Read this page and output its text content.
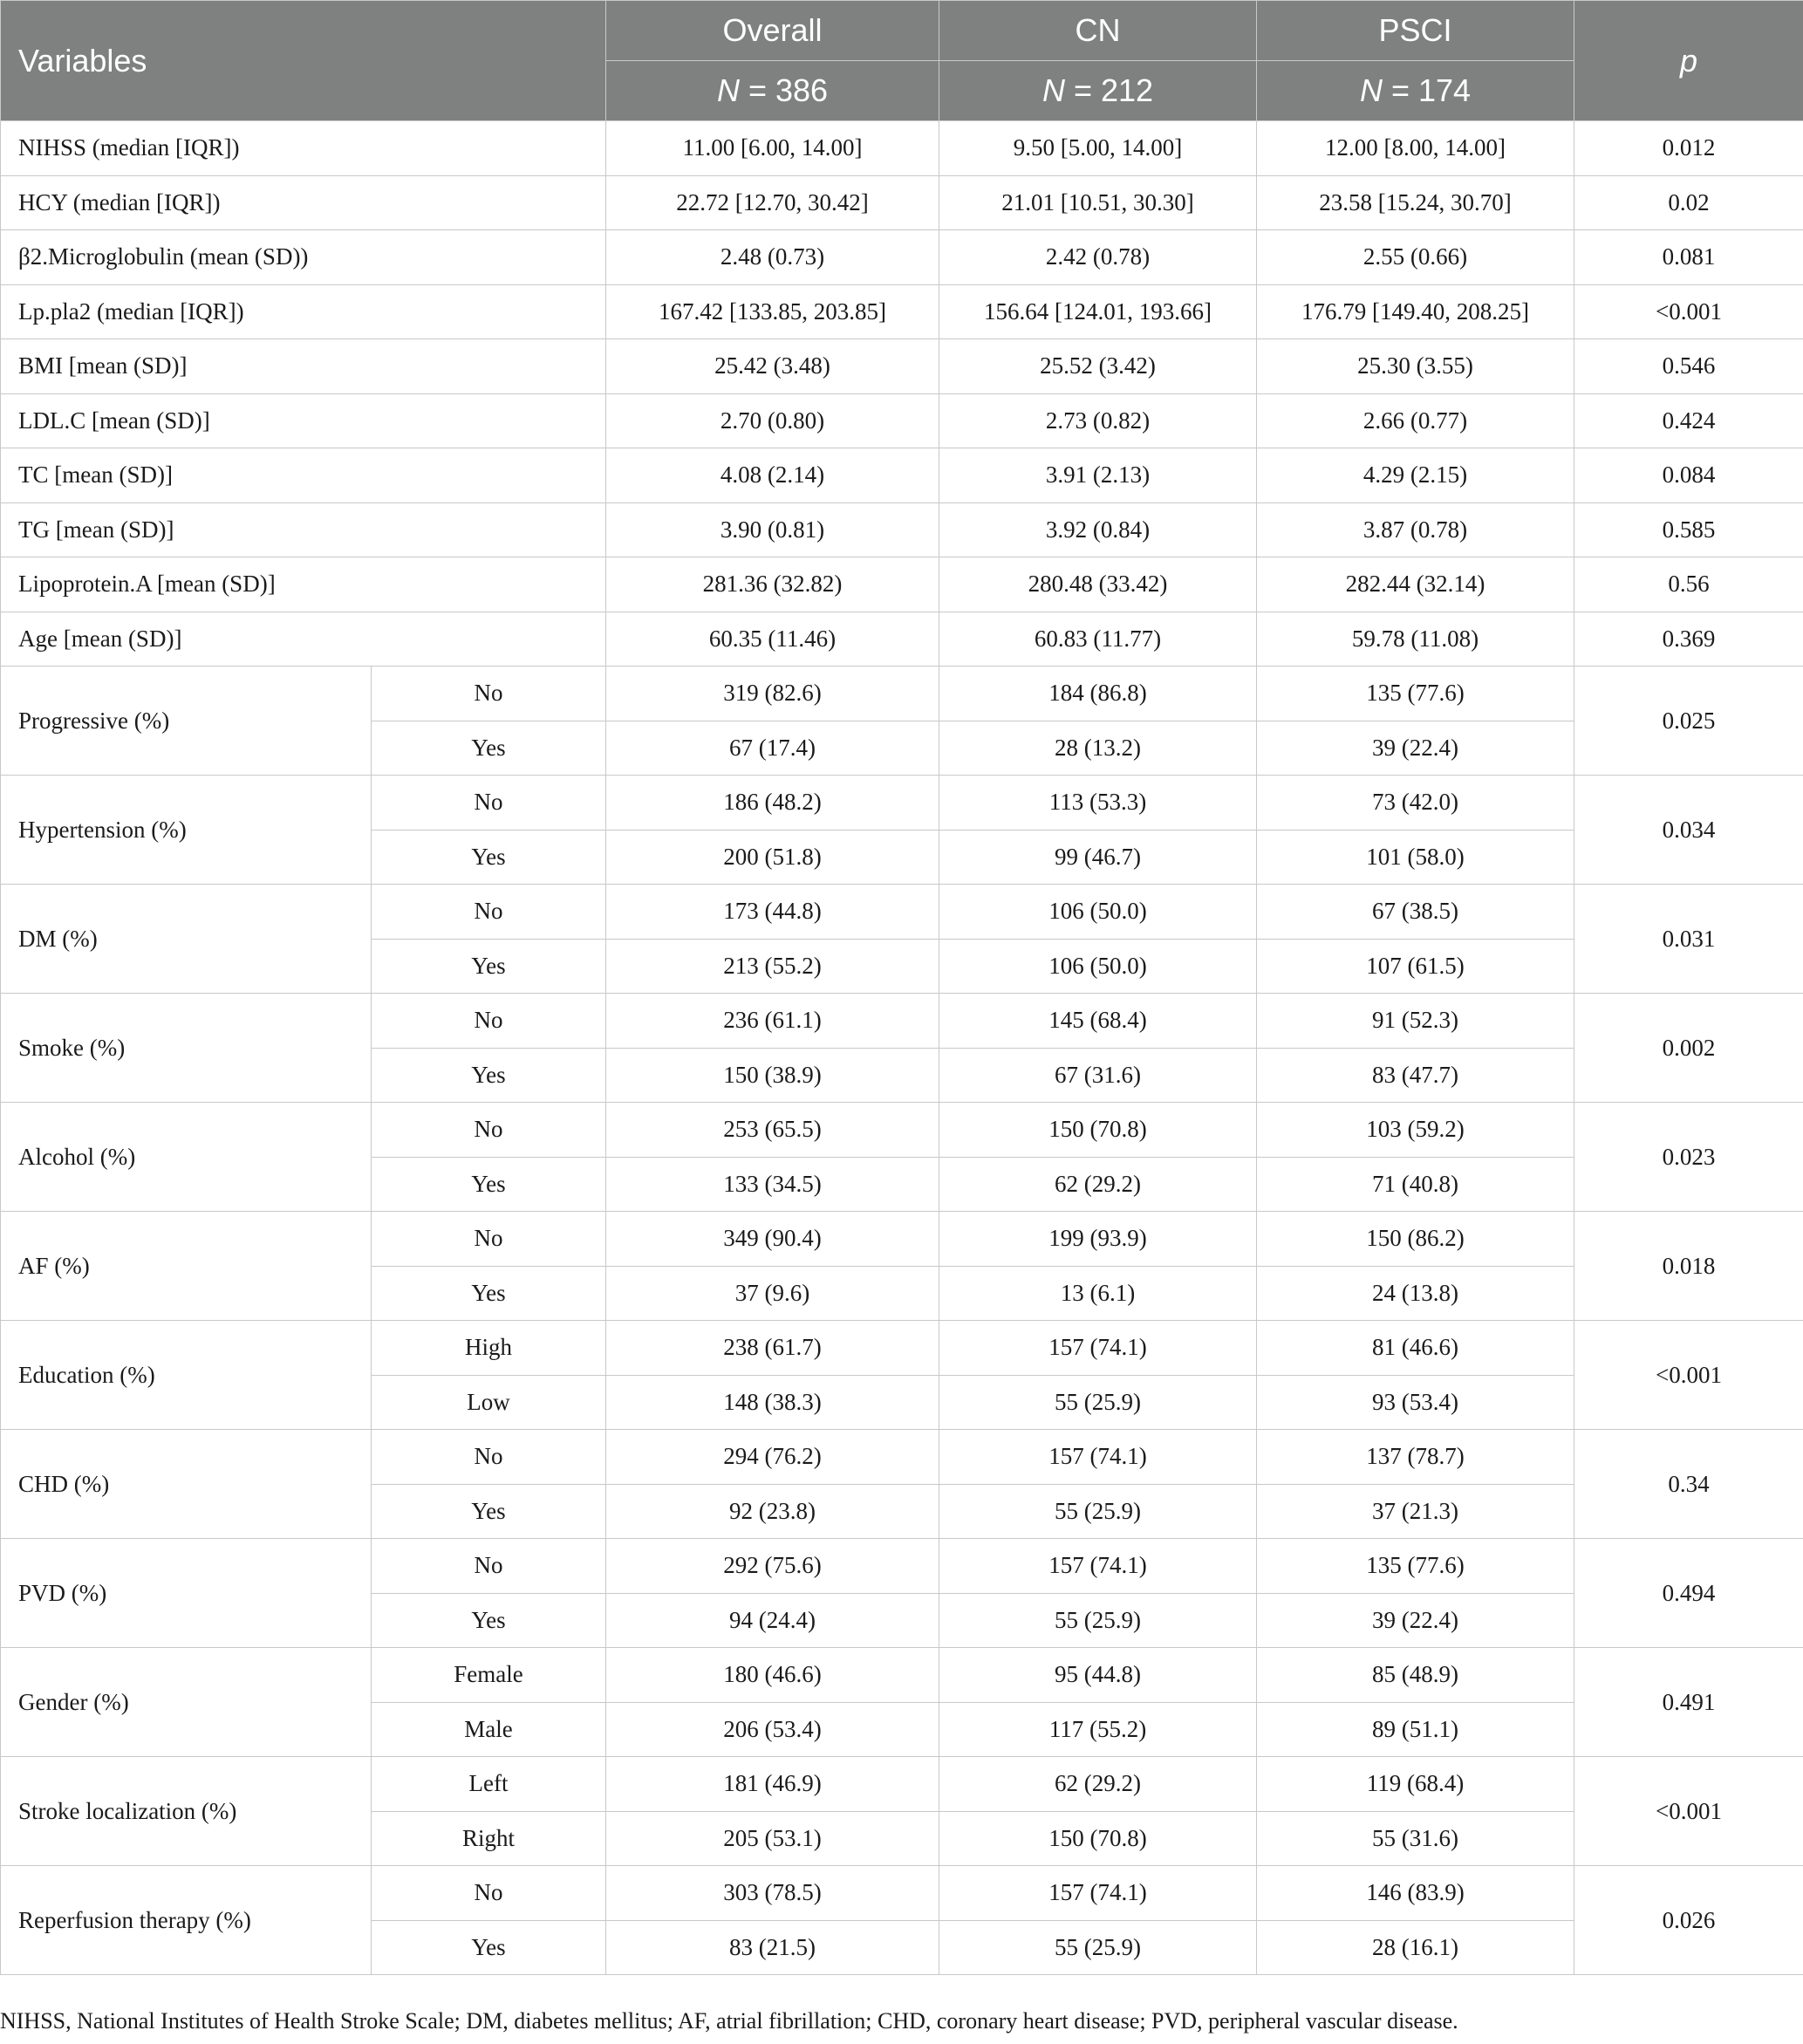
Variables		Overall	CN	PSCI	p
		N = 386	N = 212	N = 174	
NIHSS (median [IQR])		11.00 [6.00, 14.00]	9.50 [5.00, 14.00]	12.00 [8.00, 14.00]	0.012
HCY (median [IQR])		22.72 [12.70, 30.42]	21.01 [10.51, 30.30]	23.58 [15.24, 30.70]	0.02
β2.Microglobulin (mean (SD))		2.48 (0.73)	2.42 (0.78)	2.55 (0.66)	0.081
Lp.pla2 (median [IQR])		167.42 [133.85, 203.85]	156.64 [124.01, 193.66]	176.79 [149.40, 208.25]	<0.001
BMI [mean (SD)]		25.42 (3.48)	25.52 (3.42)	25.30 (3.55)	0.546
LDL.C [mean (SD)]		2.70 (0.80)	2.73 (0.82)	2.66 (0.77)	0.424
TC [mean (SD)]		4.08 (2.14)	3.91 (2.13)	4.29 (2.15)	0.084
TG [mean (SD)]		3.90 (0.81)	3.92 (0.84)	3.87 (0.78)	0.585
Lipoprotein.A [mean (SD)]		281.36 (32.82)	280.48 (33.42)	282.44 (32.14)	0.56
Age [mean (SD)]		60.35 (11.46)	60.83 (11.77)	59.78 (11.08)	0.369
Progressive (%)	No	319 (82.6)	184 (86.8)	135 (77.6)	0.025
	Yes	67 (17.4)	28 (13.2)	39 (22.4)	
Hypertension (%)	No	186 (48.2)	113 (53.3)	73 (42.0)	0.034
	Yes	200 (51.8)	99 (46.7)	101 (58.0)	
DM (%)	No	173 (44.8)	106 (50.0)	67 (38.5)	0.031
	Yes	213 (55.2)	106 (50.0)	107 (61.5)	
Smoke (%)	No	236 (61.1)	145 (68.4)	91 (52.3)	0.002
	Yes	150 (38.9)	67 (31.6)	83 (47.7)	
Alcohol (%)	No	253 (65.5)	150 (70.8)	103 (59.2)	0.023
	Yes	133 (34.5)	62 (29.2)	71 (40.8)	
AF (%)	No	349 (90.4)	199 (93.9)	150 (86.2)	0.018
	Yes	37 (9.6)	13 (6.1)	24 (13.8)	
Education (%)	High	238 (61.7)	157 (74.1)	81 (46.6)	<0.001
	Low	148 (38.3)	55 (25.9)	93 (53.4)	
CHD (%)	No	294 (76.2)	157 (74.1)	137 (78.7)	0.34
	Yes	92 (23.8)	55 (25.9)	37 (21.3)	
PVD (%)	No	292 (75.6)	157 (74.1)	135 (77.6)	0.494
	Yes	94 (24.4)	55 (25.9)	39 (22.4)	
Gender (%)	Female	180 (46.6)	95 (44.8)	85 (48.9)	0.491
	Male	206 (53.4)	117 (55.2)	89 (51.1)	
Stroke localization (%)	Left	181 (46.9)	62 (29.2)	119 (68.4)	<0.001
	Right	205 (53.1)	150 (70.8)	55 (31.6)	
Reperfusion therapy (%)	No	303 (78.5)	157 (74.1)	146 (83.9)	0.026
	Yes	83 (21.5)	55 (25.9)	28 (16.1)	
NIHSS, National Institutes of Health Stroke Scale; DM, diabetes mellitus; AF, atrial fibrillation; CHD, coronary heart disease; PVD, peripheral vascular disease.
